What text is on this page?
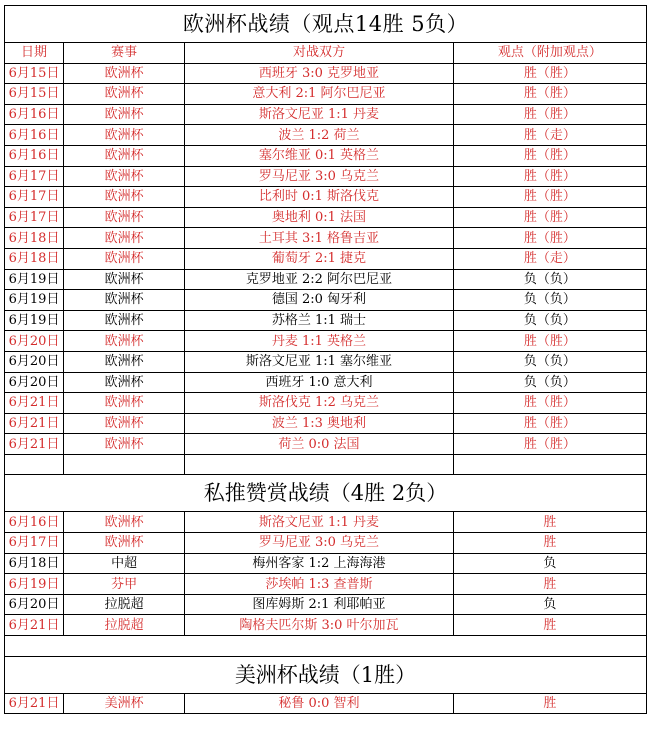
欧洲杯战绩（观点14胜 5负）			
日期	赛事	对战双方	观点（附加观点）
6月15日	欧洲杯	西班牙 3:0 克罗地亚	胜（胜）
6月15日	欧洲杯	意大利 2:1 阿尔巴尼亚	胜（胜）
6月16日	欧洲杯	斯洛文尼亚 1:1 丹麦	胜（胜）
6月16日	欧洲杯	波兰 1:2 荷兰	胜（走）
6月16日	欧洲杯	塞尔维亚 0:1 英格兰	胜（胜）
6月17日	欧洲杯	罗马尼亚 3:0 乌克兰	胜（胜）
6月17日	欧洲杯	比利时 0:1 斯洛伐克	胜（胜）
6月17日	欧洲杯	奥地利 0:1 法国	胜（胜）
6月18日	欧洲杯	土耳其 3:1 格鲁吉亚	胜（胜）
6月18日	欧洲杯	葡萄牙 2:1 捷克	胜（走）
6月19日	欧洲杯	克罗地亚 2:2 阿尔巴尼亚	负（负）
6月19日	欧洲杯	德国 2:0 匈牙利	负（负）
6月19日	欧洲杯	苏格兰 1:1 瑞士	负（负）
6月20日	欧洲杯	丹麦 1:1 英格兰	胜（胜）
6月20日	欧洲杯	斯洛文尼亚 1:1 塞尔维亚	负（负）
6月20日	欧洲杯	西班牙 1:0 意大利	负（负）
6月21日	欧洲杯	斯洛伐克 1:2 乌克兰	胜（胜）
6月21日	欧洲杯	波兰 1:3 奥地利	胜（胜）
6月21日	欧洲杯	荷兰 0:0 法国	胜（胜）

私推赞赏战绩（4胜 2负）			
6月16日	欧洲杯	斯洛文尼亚 1:1 丹麦	胜
6月17日	欧洲杯	罗马尼亚 3:0 乌克兰	胜
6月18日	中超	梅州客家 1:2 上海海港	负
6月19日	芬甲	莎埃帕 1:3 查普斯	胜
6月20日	拉脱超	图库姆斯 2:1 利耶帕亚	负
6月21日	拉脱超	陶格夫匹尔斯 3:0 叶尔加瓦	胜

美洲杯战绩（1胜）			
6月21日	美洲杯	秘鲁 0:0 智利	胜
